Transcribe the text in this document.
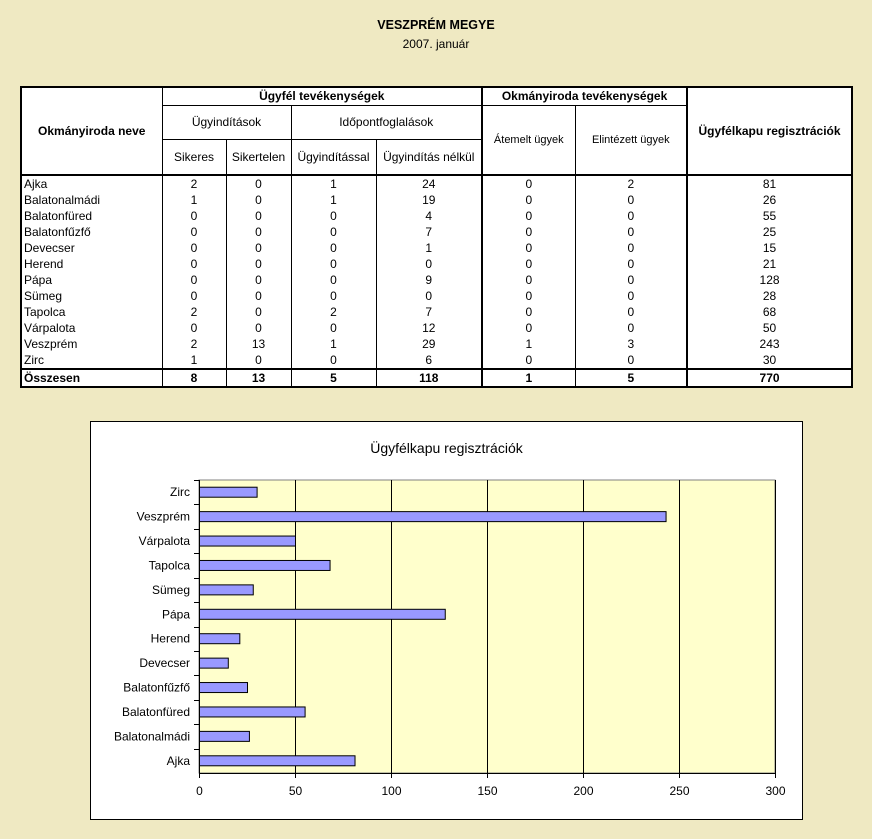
VESZPRÉM MEGYE
2007. január
Okmányiroda neve	Ügyfél tevékenységek				Okmányiroda tevékenységek		Ügyfélkapu regisztrációk
	Ügyindítások		Időpontfoglalások		Átemelt ügyek	Elintézett ügyek	
	Sikeres	Sikertelen	Ügyindítással	Ügyindítás nélkül			
Ajka	2	0	1	24	0	2	81
Balatonalmádi	1	0	1	19	0	0	26
Balatonfüred	0	0	0	4	0	0	55
Balatonfűzfő	0	0	0	7	0	0	25
Devecser	0	0	0	1	0	0	15
Herend	0	0	0	0	0	0	21
Pápa	0	0	0	9	0	0	128
Sümeg	0	0	0	0	0	0	28
Tapolca	2	0	2	7	0	0	68
Várpalota	0	0	0	12	0	0	50
Veszprém	2	13	1	29	1	3	243
Zirc	1	0	0	6	0	0	30
Összesen	8	13	5	118	1	5	770
Ügyfélkapu regisztrációk
0	50	100	150	200	250	300
Zirc
Veszprém
Várpalota
Tapolca
Sümeg
Pápa
Herend
Devecser
Balatonfűzfő
Balatonfüred
Balatonalmádi
Ajka
